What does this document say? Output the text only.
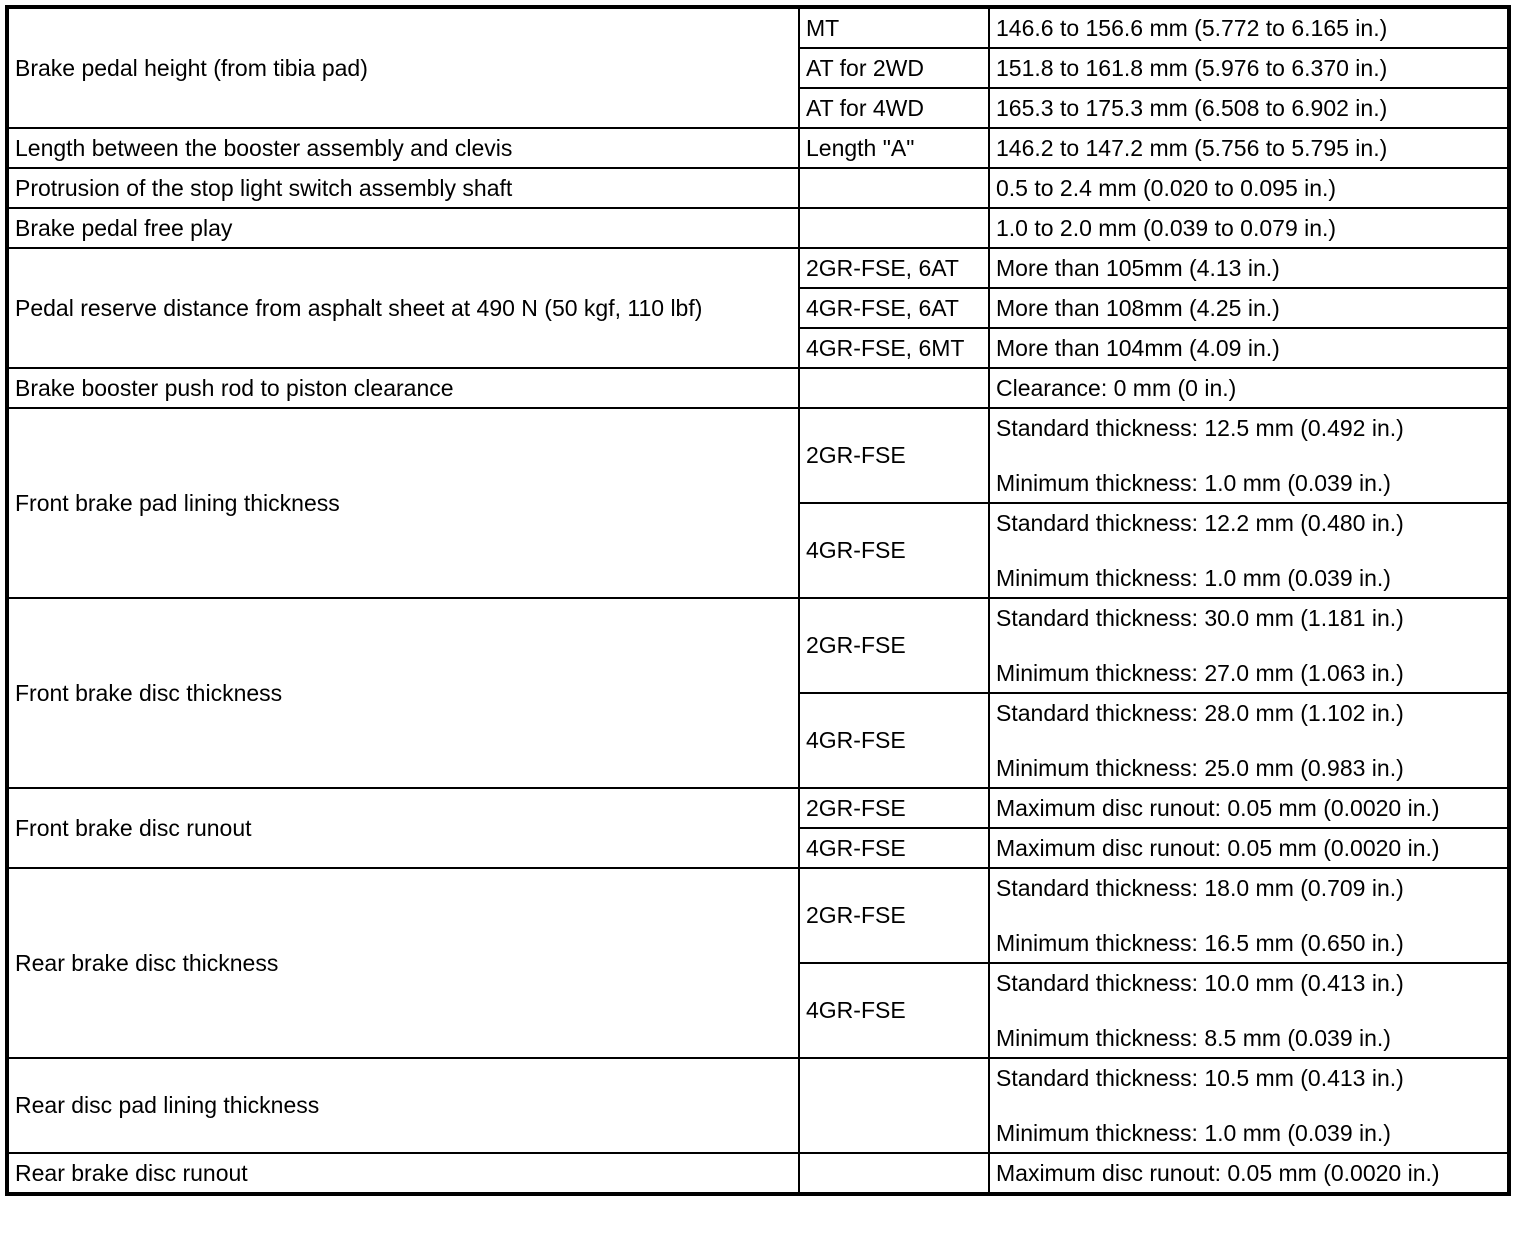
Brake pedal height (from tibia pad)	MT	146.6 to 156.6 mm (5.772 to 6.165 in.)
	AT for 2WD	151.8 to 161.8 mm (5.976 to 6.370 in.)
	AT for 4WD	165.3 to 175.3 mm (6.508 to 6.902 in.)
Length between the booster assembly and clevis	Length "A"	146.2 to 147.2 mm (5.756 to 5.795 in.)
Protrusion of the stop light switch assembly shaft		0.5 to 2.4 mm (0.020 to 0.095 in.)
Brake pedal free play		1.0 to 2.0 mm (0.039 to 0.079 in.)
Pedal reserve distance from asphalt sheet at 490 N (50 kgf, 110 lbf)	2GR-FSE, 6AT	More than 105mm (4.13 in.)
	4GR-FSE, 6AT	More than 108mm (4.25 in.)
	4GR-FSE, 6MT	More than 104mm (4.09 in.)
Brake booster push rod to piston clearance		Clearance: 0 mm (0 in.)
Front brake pad lining thickness	2GR-FSE	Standard thickness: 12.5 mm (0.492 in.)
Minimum thickness: 1.0 mm (0.039 in.)

	4GR-FSE	Standard thickness: 12.2 mm (0.480 in.)
Minimum thickness: 1.0 mm (0.039 in.)

Front brake disc thickness	2GR-FSE	Standard thickness: 30.0 mm (1.181 in.)
Minimum thickness: 27.0 mm (1.063 in.)

	4GR-FSE	Standard thickness: 28.0 mm (1.102 in.)
Minimum thickness: 25.0 mm (0.983 in.)

Front brake disc runout	2GR-FSE	Maximum disc runout: 0.05 mm (0.0020 in.)
	4GR-FSE	Maximum disc runout: 0.05 mm (0.0020 in.)
Rear brake disc thickness	2GR-FSE	Standard thickness: 18.0 mm (0.709 in.)
Minimum thickness: 16.5 mm (0.650 in.)

	4GR-FSE	Standard thickness: 10.0 mm (0.413 in.)
Minimum thickness: 8.5 mm (0.039 in.)

Rear disc pad lining thickness		Standard thickness: 10.5 mm (0.413 in.)
Minimum thickness: 1.0 mm (0.039 in.)

Rear brake disc runout		Maximum disc runout: 0.05 mm (0.0020 in.)
